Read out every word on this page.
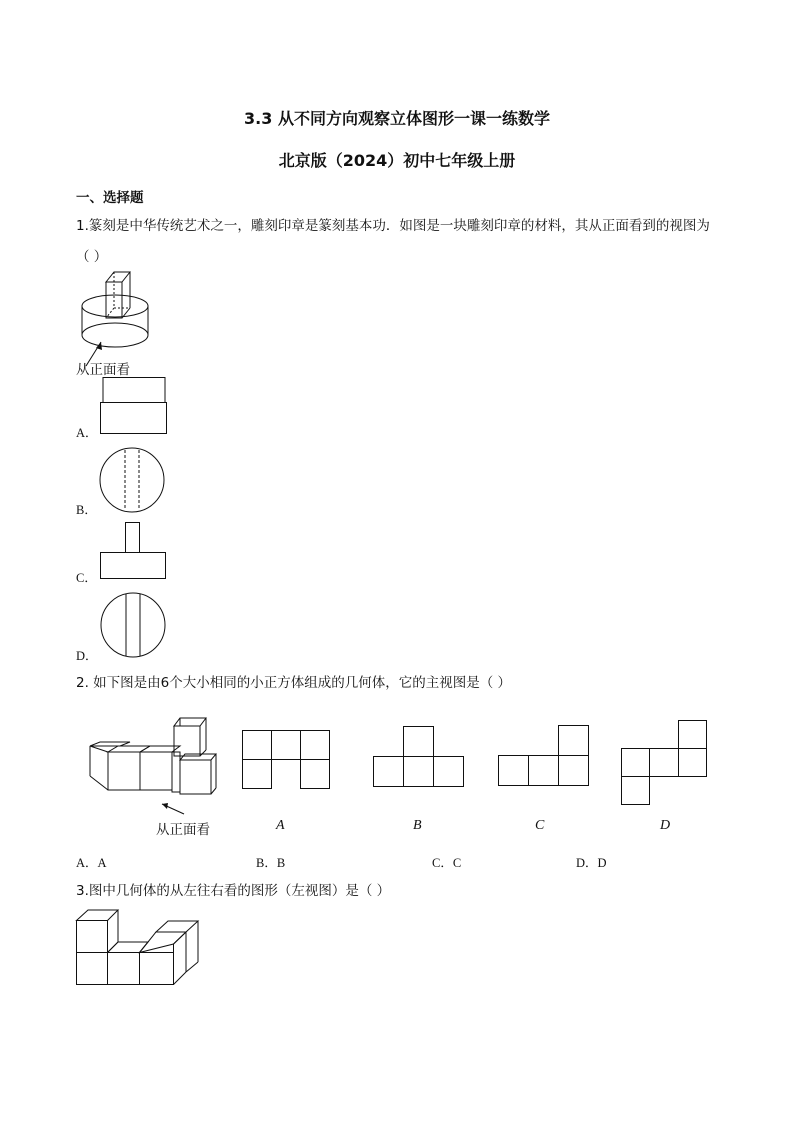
3.3 从不同方向观察立体图形一课一练数学
北京版（2024）初中七年级上册
一、选择题
1.篆刻是中华传统艺术之一，雕刻印章是篆刻基本功．如图是一块雕刻印章的材料，其从正面看到的视图为（ ）
从正面看
A．
B．
C．
D．
2. 如下图是由6个大小相同的小正方体组成的几何体，它的主视图是（ ）
从正面看	A	B	C	D
A．A	B．B	C．C	D．D
3.图中几何体的从左往右看的图形（左视图）是（ ）
